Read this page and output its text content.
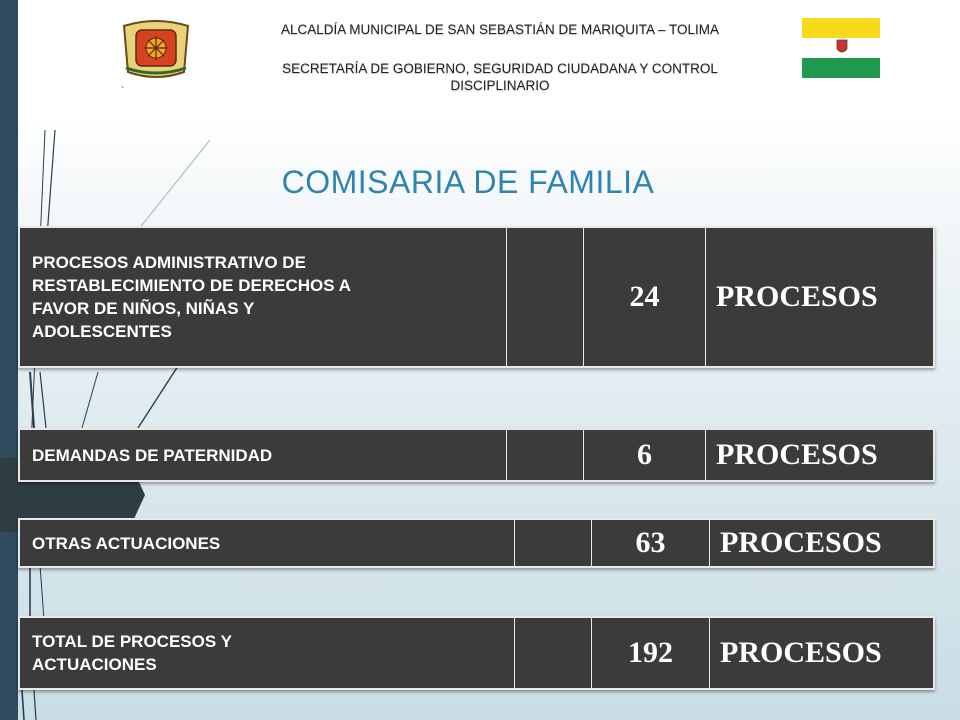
ALCALDÍA MUNICIPAL DE SAN SEBASTIÁN DE MARIQUITA – TOLIMA
SECRETARÍA DE GOBIERNO, SEGURIDAD CIUDADANA Y CONTROL
DISCIPLINARIO
`
COMISARIA DE FAMILIA
PROCESOS ADMINISTRATIVO DE
RESTABLECIMIENTO DE DERECHOS A
FAVOR DE NIÑOS, NIÑAS Y
ADOLESCENTES
24	PROCESOS
DEMANDAS DE PATERNIDAD	6	PROCESOS
OTRAS ACTUACIONES	63	PROCESOS
TOTAL DE PROCESOS Y
ACTUACIONES	192	PROCESOS
